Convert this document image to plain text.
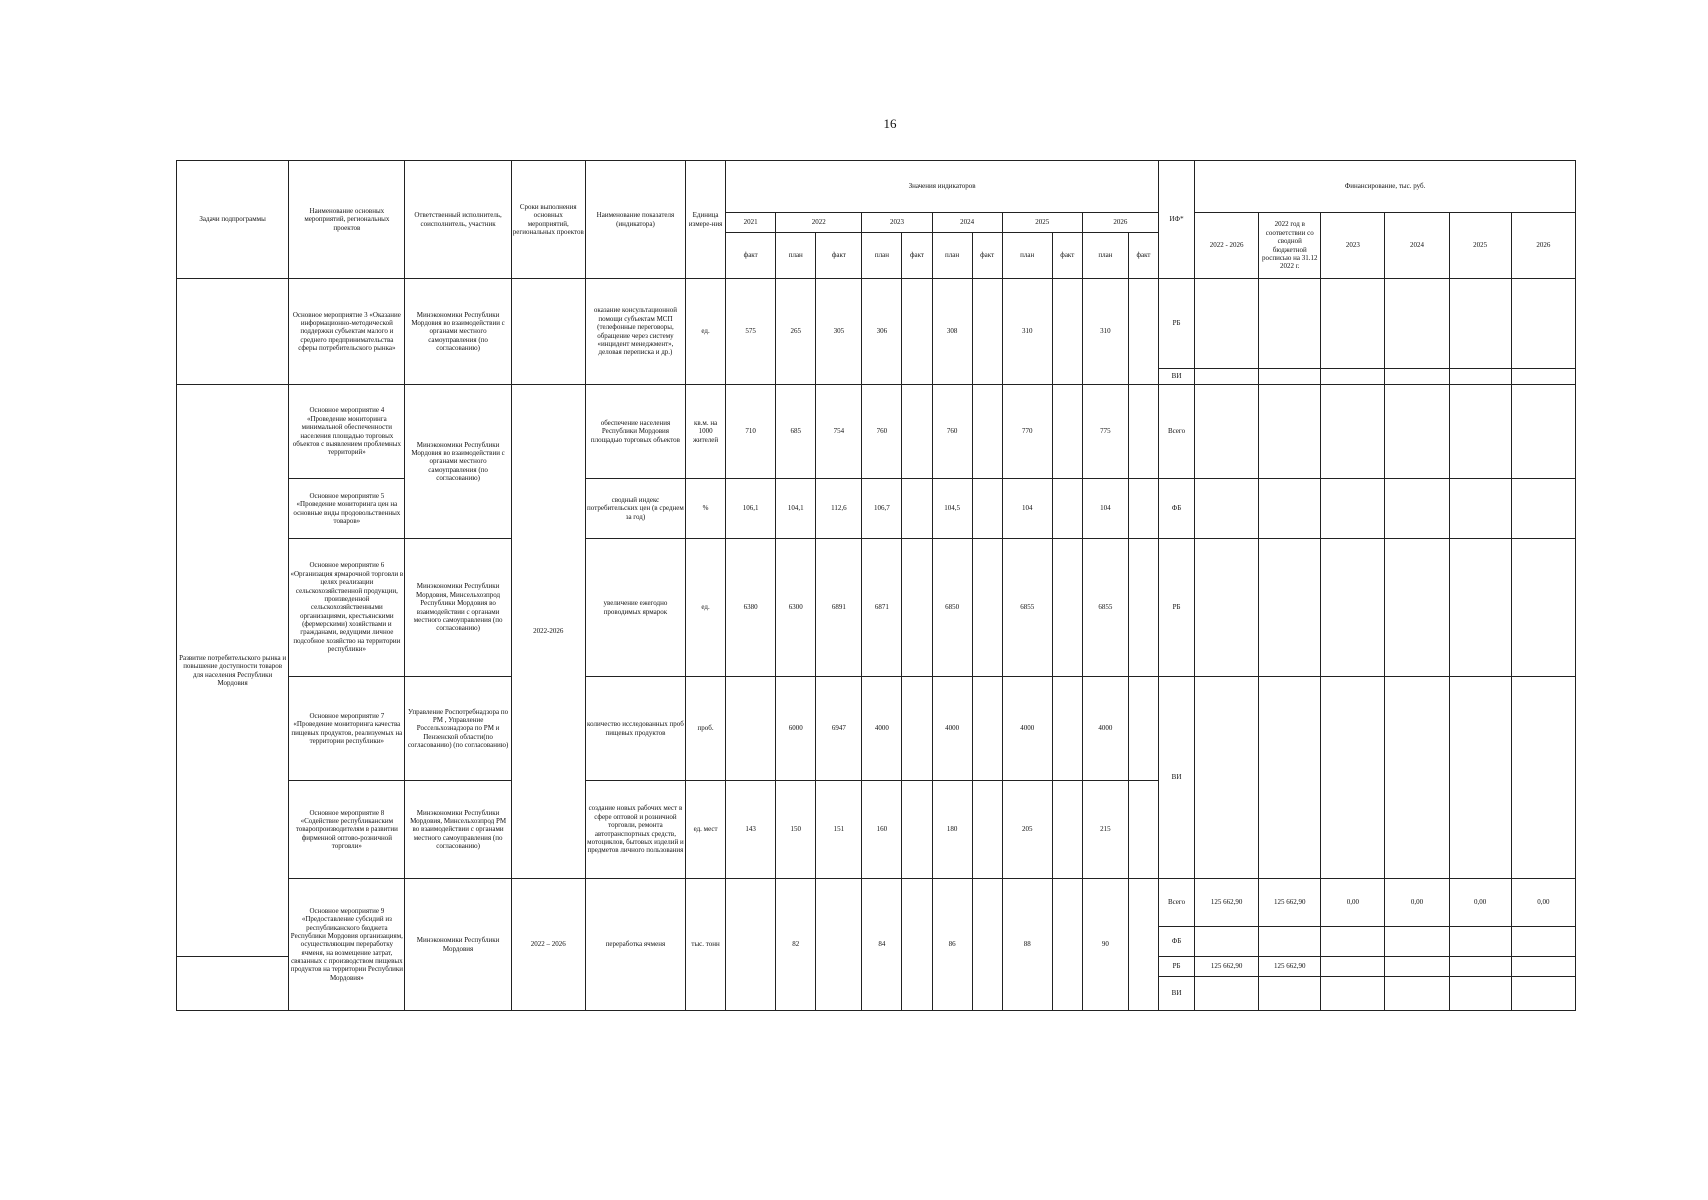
16
Задачи подпрограммы	Наименование основных мероприятий, региональных проектов	Ответственный исполнитель, соисполнитель, участник	Сроки выполнения основных мероприятий, региональных проектов	Наименование показателя (индикатора)	Единица измере-ния	Значения индикаторов											ИФ*	Финансирование, тыс. руб.					
						2021	2022		2023		2024		2025		2026			2022 - 2026	2022 год в соответствии со сводной бюджетной росписью на 31.12 2022 г.	2023	2024	2025	2026
						факт	план	факт	план	факт	план	факт	план	факт	план	факт							
	Основное мероприятие 3 «Оказание информационно-методической поддержки субъектам малого и среднего предпринимательства сферы потребительского рынка»	Минэкономики Республики Мордовия во взаимодействии с органами местного самоуправления (по согласованию)		оказание консультационной помощи субъектам МСП (телефонные переговоры, обращение через систему «инцидент менеджмент», деловая переписка и др.)	ед.	575	265	305	306		308		310		310		РБ						
																	ВИ						
Развитие потребительского рынка и повышение доступности товаров для населения Республики Мордовия	Основное мероприятие 4 «Проведение мониторинга минимальной обеспеченности населения площадью торговых объектов с выявлением проблемных территорий»	Минэкономики Республики Мордовия во взаимодействии с органами местного самоуправления (по согласованию)	2022-2026	обеспечение населения Республики Мордовия площадью торговых объектов	кв.м. на 1000 жителей	710	685	754	760		760		770		775		Всего						
	Основное мероприятие 5 «Проведение мониторинга цен на основные виды продовольственных товаров»			сводный индекс потребительских цен (в среднем за год)	%	106,1	104,1	112,6	106,7		104,5		104		104		ФБ						
	Основное мероприятие 6 «Организация ярмарочной торговли в целях реализации сельскохозяйственной продукции, произведенной сельскохозяйственными организациями, крестьянскими (фермерскими) хозяйствами и гражданами, ведущими личное подсобное хозяйство на территории республики»	Минэкономики Республики Мордовия, Минсельхозпрод Республики Мордовия во взаимодействии с органами местного самоуправления (по согласованию)		увеличение ежегодно проводимых ярмарок	ед.	6380	6300	6891	6871		6850		6855		6855		РБ						
	Основное мероприятие 7 «Проведение мониторинга качества пищевых продуктов, реализуемых на территории республики»	Управление Роспотребнадзора по РМ , Управление Россельхознадзора по РМ и Пензенской области(по согласованию) (по согласованию)		количество исследованных проб пищевых продуктов	проб.		6000	6947	4000		4000		4000		4000		ВИ						
	Основное мероприятие 8 «Содействие республиканским товаропроизводителям в развитии фирменной оптово-розничной торговли»	Минэкономики Республики Мордовия, Минсельхозпрод РМ во взаимодействии с органами местного самоуправления (по согласованию)		создание новых рабочих мест в сфере оптовой и розничной торговли, ремонта автотранспортных средств, мотоциклов, бытовых изделий и предметов личного пользования	ед. мест	143	150	151	160		180		205		215								
	Основное мероприятие 9 «Предоставление субсидий из республиканского бюджета Республики Мордовия организациям, осуществляющим переработку ячменя, на возмещение затрат, связанных с производством пищевых продуктов на территории Республики Мордовия»	Минэкономики Республики Мордовия	2022 – 2026	переработка ячменя	тыс. тонн		82		84		86		88		90		Всего	125 662,90	125 662,90	0,00	0,00	0,00	0,00
																	ФБ						
																	РБ	125 662,90	125 662,90				
																	ВИ						
